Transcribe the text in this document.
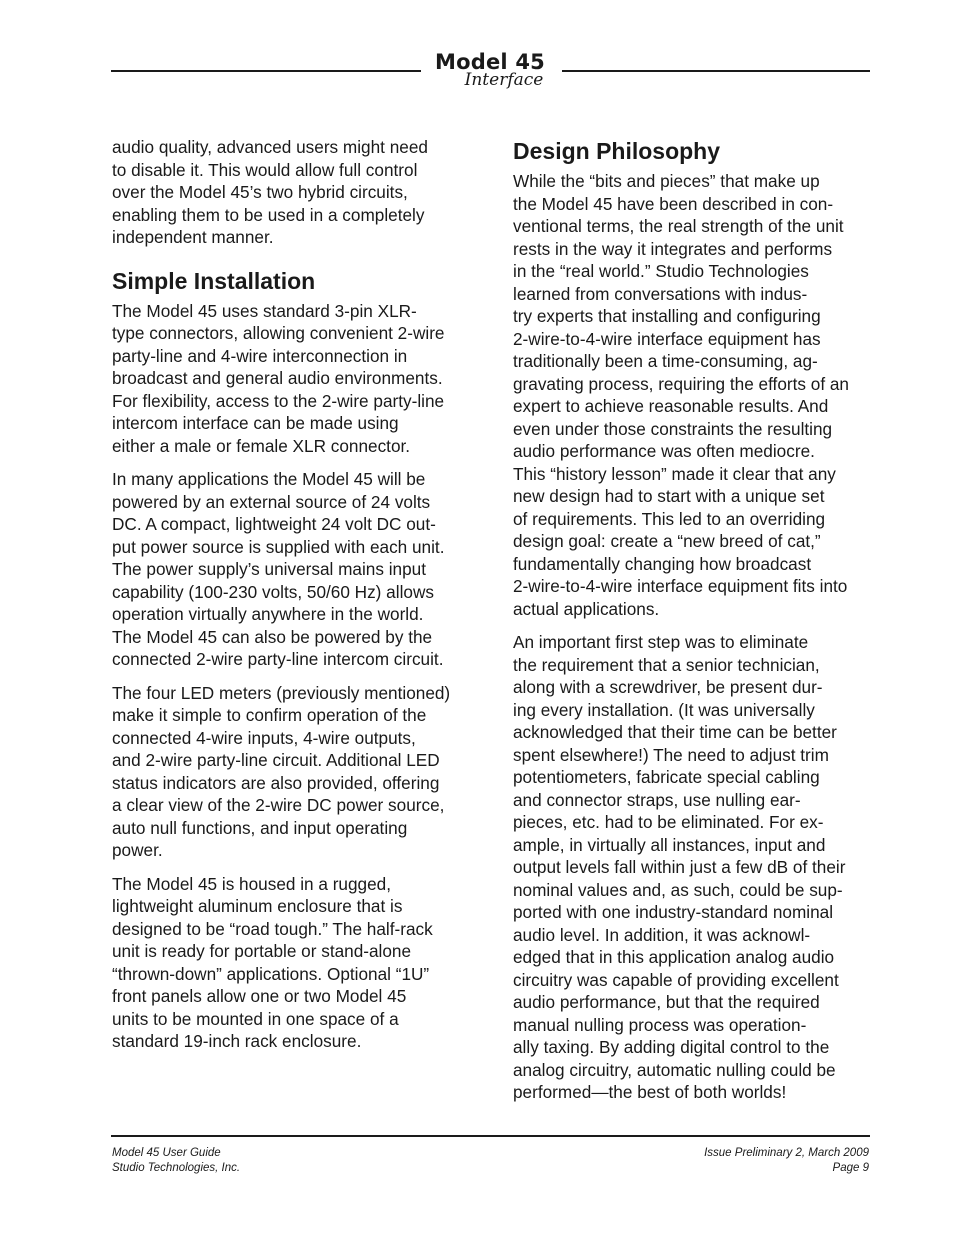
Model 45
Interface

audio quality, advanced users might need
to disable it. This would allow full control
over the Model 45’s two hybrid circuits,
enabling them to be used in a completely
independent manner.

Simple Installation

The Model 45 uses standard 3-pin XLR-
type connectors, allowing convenient 2-wire
party-line and 4-wire interconnection in
broadcast and general audio environments.
For flexibility, access to the 2-wire party-line
intercom interface can be made using
either a male or female XLR connector.

In many applications the Model 45 will be
powered by an external source of 24 volts
DC. A compact, lightweight 24 volt DC out-
put power source is supplied with each unit.
The power supply’s universal mains input
capability (100-230 volts, 50/60 Hz) allows
operation virtually anywhere in the world.
The Model 45 can also be powered by the
connected 2-wire party-line intercom circuit.

The four LED meters (previously mentioned)
make it simple to confirm operation of the
connected 4-wire inputs, 4-wire outputs,
and 2-wire party-line circuit. Additional LED
status indicators are also provided, offering
a clear view of the 2-wire DC power source,
auto null functions, and input operating
power.

The Model 45 is housed in a rugged,
lightweight aluminum enclosure that is
designed to be “road tough.” The half-rack
unit is ready for portable or stand-alone
“thrown-down” applications. Optional “1U”
front panels allow one or two Model 45
units to be mounted in one space of a
standard 19-inch rack enclosure.

Design Philosophy

While the “bits and pieces” that make up
the Model 45 have been described in con-
ventional terms, the real strength of the unit
rests in the way it integrates and performs
in the “real world.” Studio Technologies
learned from conversations with indus-
try experts that installing and configuring
2-wire-to-4-wire interface equipment has
traditionally been a time-consuming, ag-
gravating process, requiring the efforts of an
expert to achieve reasonable results. And
even under those constraints the resulting
audio performance was often mediocre.
This “history lesson” made it clear that any
new design had to start with a unique set
of requirements. This led to an overriding
design goal: create a “new breed of cat,”
fundamentally changing how broadcast
2-wire-to-4-wire interface equipment fits into
actual applications.

An important first step was to eliminate
the requirement that a senior technician,
along with a screwdriver, be present dur-
ing every installation. (It was universally
acknowledged that their time can be better
spent elsewhere!) The need to adjust trim
potentiometers, fabricate special cabling
and connector straps, use nulling ear-
pieces, etc. had to be eliminated. For ex-
ample, in virtually all instances, input and
output levels fall within just a few dB of their
nominal values and, as such, could be sup-
ported with one industry-standard nominal
audio level. In addition, it was acknowl-
edged that in this application analog audio
circuitry was capable of providing excellent
audio performance, but that the required
manual nulling process was operation-
ally taxing. By adding digital control to the
analog circuitry, automatic nulling could be
performed—the best of both worlds!

Model 45 User Guide
Studio Technologies, Inc.
Issue Preliminary 2, March 2009
Page 9
